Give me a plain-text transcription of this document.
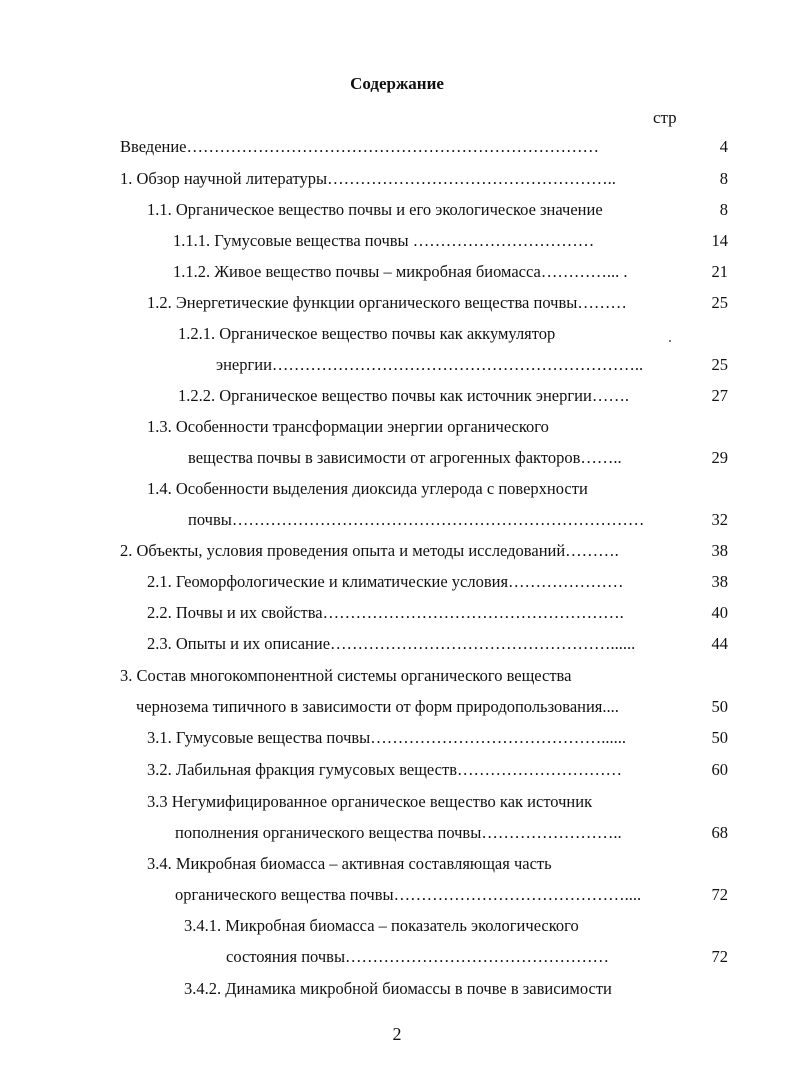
Содержание
стр
Введение…………………………………………………………………	4
1. Обзор научной литературы……………………………………………..	8
1.1. Органическое вещество почвы и его экологическое значение	8
1.1.1. Гумусовые вещества почвы ……………………………	14
1.1.2. Живое вещество почвы – микробная биомасса…………... .	21
1.2. Энергетические функции органического вещества почвы………	25
1.2.1. Органическое вещество почвы как аккумулятор
энергии…………………………………………………………..	25
1.2.2. Органическое вещество почвы как источник энергии…….	27
1.3. Особенности трансформации энергии органического
вещества почвы в зависимости от агрогенных факторов……..	29
1.4. Особенности выделения диоксида углерода с поверхности
почвы…………………………………………………………………	32
2. Объекты, условия проведения опыта и методы исследований……….	38
2.1. Геоморфологические и климатические условия…………………	38
2.2. Почвы и их свойства……………………………………………….	40
2.3. Опыты и их описание……………………………………………......	44
3. Состав многокомпонентной системы органического вещества
чернозема типичного в зависимости от форм природопользования....	50
3.1. Гумусовые вещества почвы……………………………………......	50
3.2. Лабильная фракция гумусовых веществ…………………………	60
3.3 Негумифицированное органическое вещество как источник
пополнения органического вещества почвы……………………..	68
3.4. Микробная биомасса – активная составляющая часть
органического вещества почвы……………………………………....	72
3.4.1. Микробная биомасса – показатель экологического
состояния почвы…………………………………………	72
3.4.2. Динамика микробной биомассы в почве в зависимости
2
